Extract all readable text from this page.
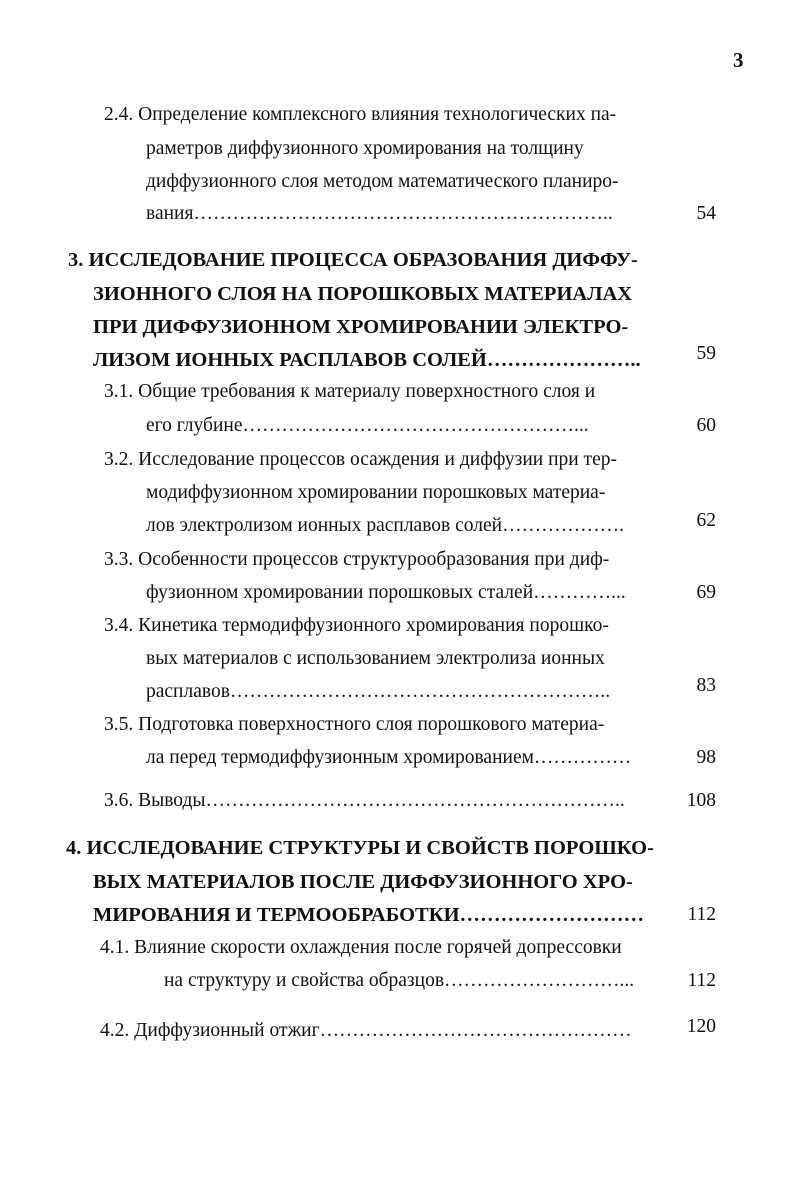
3
2.4. Определение комплексного влияния технологических па-
раметров диффузионного хромирования на толщину
диффузионного слоя методом математического планиро-
вания………………………………………………………..	54
3. ИССЛЕДОВАНИЕ ПРОЦЕССА ОБРАЗОВАНИЯ ДИФФУ-
ЗИОННОГО СЛОЯ НА ПОРОШКОВЫХ МАТЕРИАЛАХ
ПРИ ДИФФУЗИОННОМ ХРОМИРОВАНИИ ЭЛЕКТРО-
ЛИЗОМ ИОННЫХ РАСПЛАВОВ СОЛЕЙ…………………..	59
3.1. Общие требования к материалу поверхностного слоя и
его глубине……………………………………………...	60
3.2. Исследование процессов осаждения и диффузии при тер-
модиффузионном хромировании порошковых материа-
лов электролизом ионных расплавов солей……………….	62
3.3. Особенности процессов структурообразования при диф-
фузионном хромировании порошковых сталей…………...	69
3.4. Кинетика термодиффузионного хромирования порошко-
вых материалов с использованием электролиза ионных
расплавов…………………………………………………..	83
3.5. Подготовка поверхностного слоя порошкового материа-
ла перед термодиффузионным хромированием……………	98
3.6. Выводы………………………………………………………..	108
4. ИССЛЕДОВАНИЕ СТРУКТУРЫ И СВОЙСТВ ПОРОШКО-
ВЫХ МАТЕРИАЛОВ ПОСЛЕ ДИФФУЗИОННОГО ХРО-
МИРОВАНИЯ И ТЕРМООБРАБОТКИ………………………	112
4.1. Влияние скорости охлаждения после горячей допрессовки
на структуру и свойства образцов………………………...	112
4.2. Диффузионный отжиг…………………………………………	120
